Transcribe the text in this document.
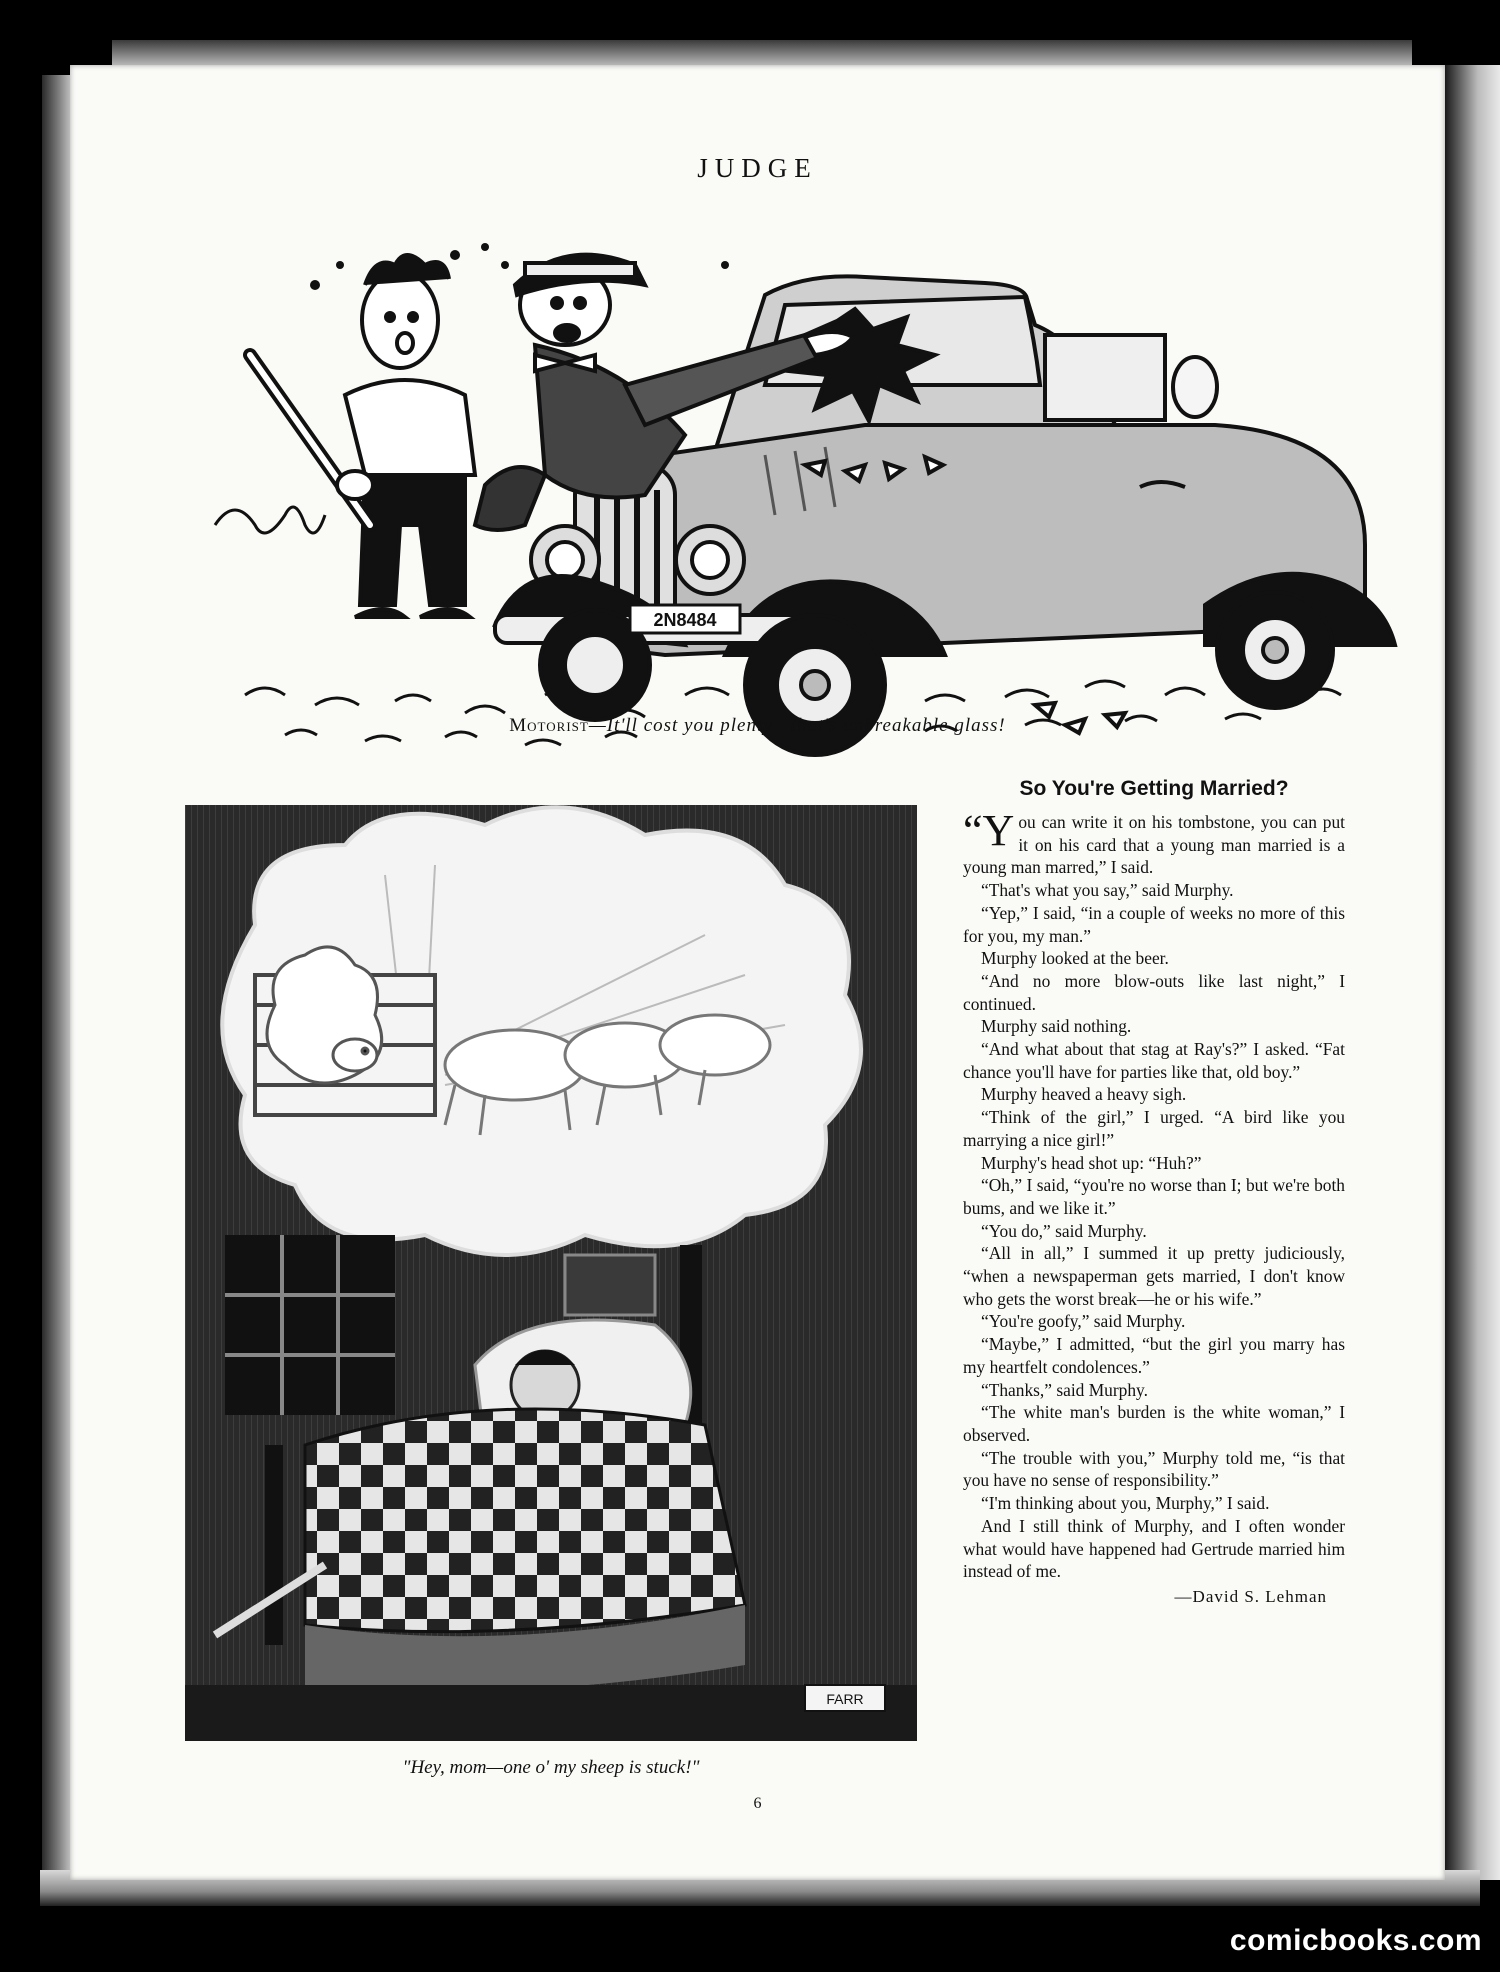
JUDGE
2N8484
Motorist—It'll cost you plenty—that's unbreakable glass!
FARR
"Hey, mom—one o' my sheep is stuck!"
So You're Getting Married?

“You can write it on his tombstone, you can put it on his card that a young man married is a young man marred,” I said.

“That's what you say,” said Murphy.

“Yep,” I said, “in a couple of weeks no more of this for you, my man.”

Murphy looked at the beer.

“And no more blow-outs like last night,” I continued.

Murphy said nothing.

“And what about that stag at Ray's?” I asked. “Fat chance you'll have for parties like that, old boy.”

Murphy heaved a heavy sigh.

“Think of the girl,” I urged. “A bird like you marrying a nice girl!”

Murphy's head shot up: “Huh?”

“Oh,” I said, “you're no worse than I; but we're both bums, and we like it.”

“You do,” said Murphy.

“All in all,” I summed it up pretty judiciously, “when a newspaperman gets married, I don't know who gets the worst break—he or his wife.”

“You're goofy,” said Murphy.

“Maybe,” I admitted, “but the girl you marry has my heartfelt condolences.”

“Thanks,” said Murphy.

“The white man's burden is the white woman,” I observed.

“The trouble with you,” Murphy told me, “is that you have no sense of responsibility.”

“I'm thinking about you, Murphy,” I said.

And I still think of Murphy, and I often wonder what would have happened had Gertrude married him instead of me.

—David S. Lehman
6
comicbooks.com
